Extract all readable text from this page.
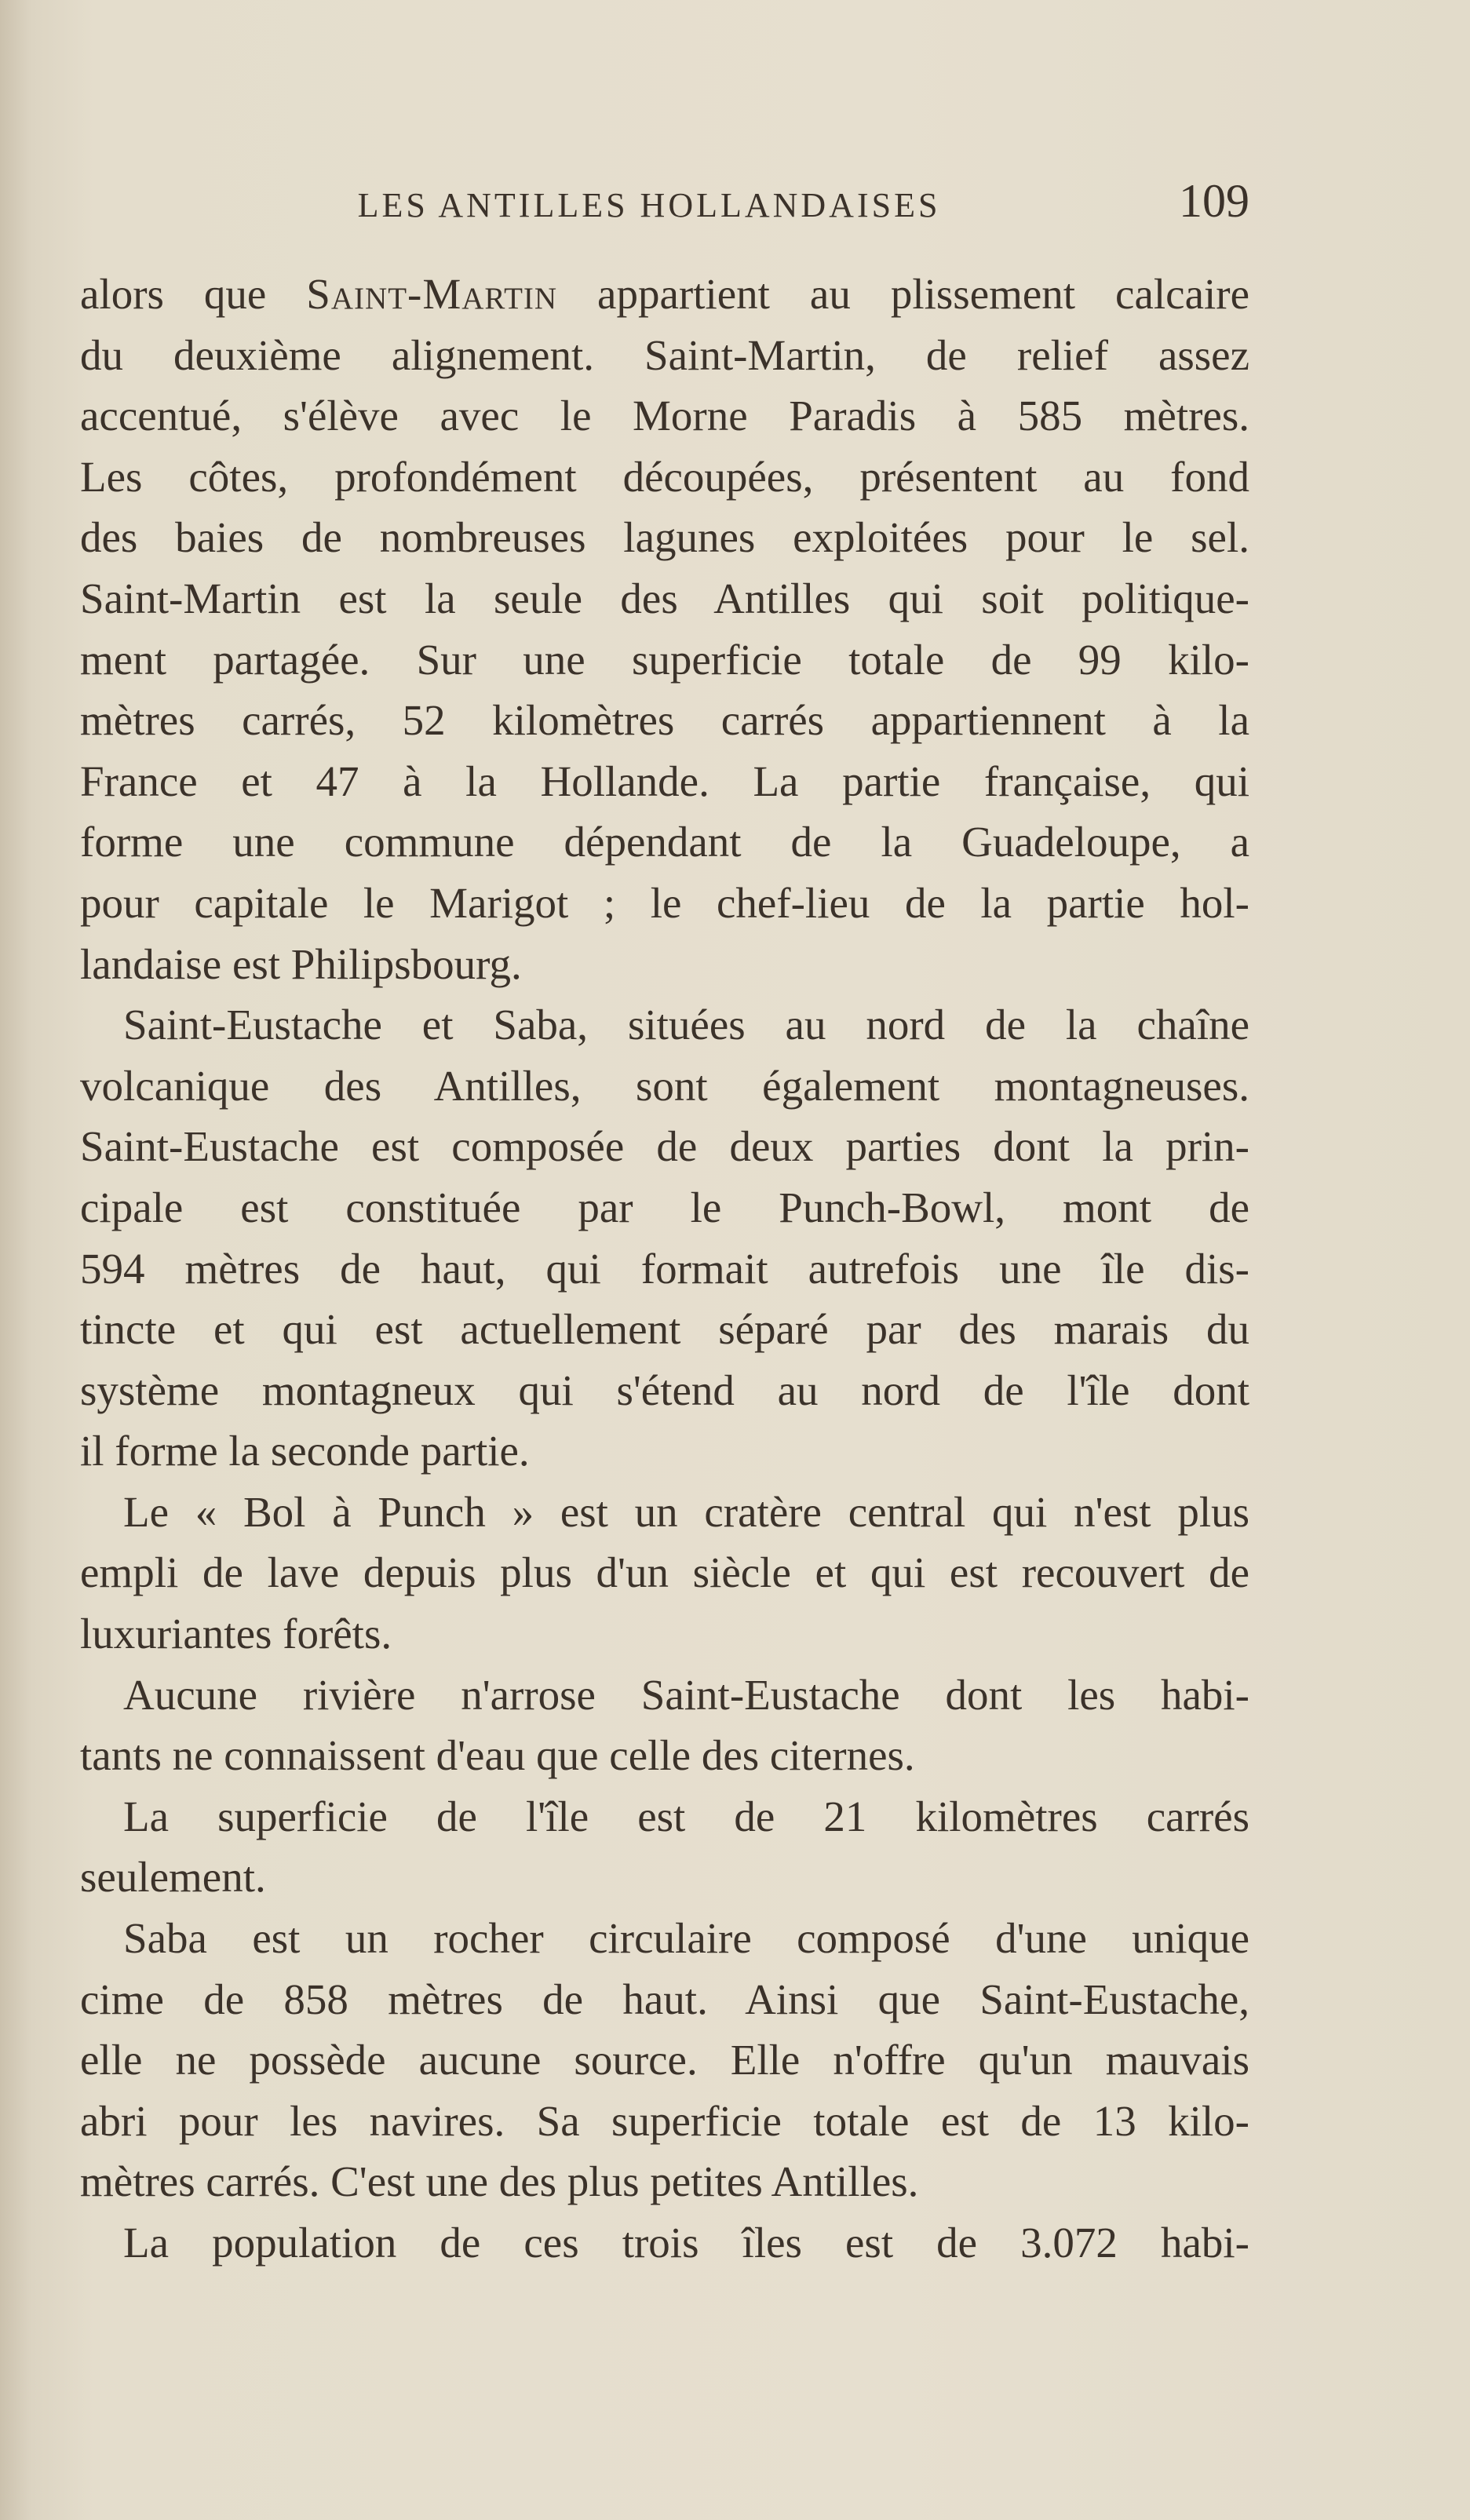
LES ANTILLES HOLLANDAISES	109
alors que Saint-Martin appartient au plissement calcaire
du deuxième alignement. Saint-Martin, de relief assez
accentué, s'élève avec le Morne Paradis à 585 mètres.
Les côtes, profondément découpées, présentent au fond
des baies de nombreuses lagunes exploitées pour le sel.
Saint-Martin est la seule des Antilles qui soit politique-
ment partagée. Sur une superficie totale de 99 kilo-
mètres carrés, 52 kilomètres carrés appartiennent à la
France et 47 à la Hollande. La partie française, qui
forme une commune dépendant de la Guadeloupe, a
pour capitale le Marigot ; le chef-lieu de la partie hol-
landaise est Philipsbourg.
Saint-Eustache et Saba, situées au nord de la chaîne
volcanique des Antilles, sont également montagneuses.
Saint-Eustache est composée de deux parties dont la prin-
cipale est constituée par le Punch-Bowl, mont de
594 mètres de haut, qui formait autrefois une île dis-
tincte et qui est actuellement séparé par des marais du
système montagneux qui s'étend au nord de l'île dont
il forme la seconde partie.
Le « Bol à Punch » est un cratère central qui n'est plus
empli de lave depuis plus d'un siècle et qui est recouvert de
luxuriantes forêts.
Aucune rivière n'arrose Saint-Eustache dont les habi-
tants ne connaissent d'eau que celle des citernes.
La superficie de l'île est de 21 kilomètres carrés
seulement.
Saba est un rocher circulaire composé d'une unique
cime de 858 mètres de haut. Ainsi que Saint-Eustache,
elle ne possède aucune source. Elle n'offre qu'un mauvais
abri pour les navires. Sa superficie totale est de 13 kilo-
mètres carrés. C'est une des plus petites Antilles.
La population de ces trois îles est de 3.072 habi-
